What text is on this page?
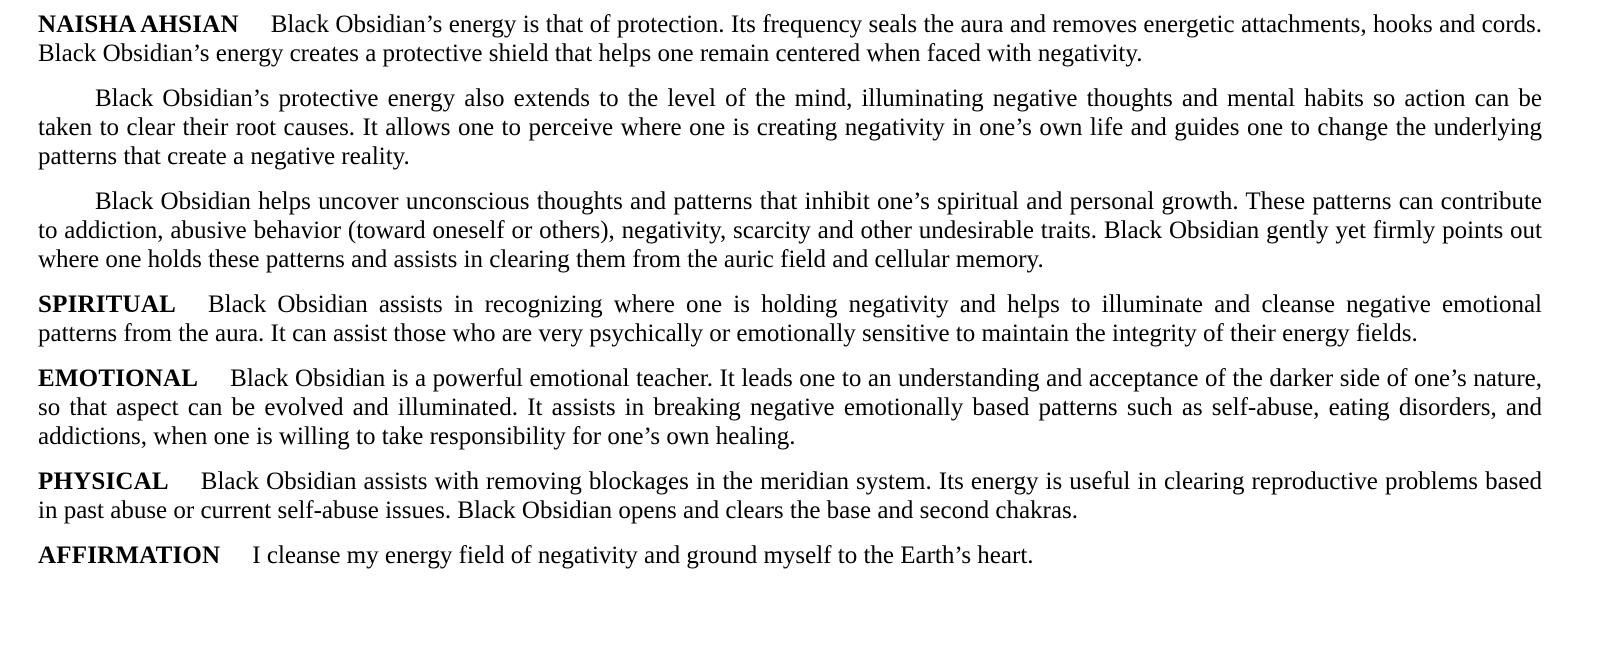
NAISHA AHSIAN Black Obsidian’s energy is that of protection. Its frequency seals the aura and removes energetic attachments, hooks and cords. Black Obsidian’s energy creates a protective shield that helps one remain centered when faced with negativity.

Black Obsidian’s protective energy also extends to the level of the mind, illuminating negative thoughts and mental habits so action can be taken to clear their root causes. It allows one to perceive where one is creating negativity in one’s own life and guides one to change the underlying patterns that create a negative reality.

Black Obsidian helps uncover unconscious thoughts and patterns that inhibit one’s spiritual and personal growth. These patterns can contribute to addiction, abusive behavior (toward oneself or others), negativity, scarcity and other undesirable traits. Black Obsidian gently yet firmly points out where one holds these patterns and assists in clearing them from the auric field and cellular memory.

SPIRITUAL Black Obsidian assists in recognizing where one is holding negativity and helps to illuminate and cleanse negative emotional patterns from the aura. It can assist those who are very psychically or emotionally sensitive to maintain the integrity of their energy fields.

EMOTIONAL Black Obsidian is a powerful emotional teacher. It leads one to an understanding and acceptance of the darker side of one’s nature, so that aspect can be evolved and illuminated. It assists in breaking negative emotionally based patterns such as self-abuse, eating disorders, and addictions, when one is willing to take responsibility for one’s own healing.

PHYSICAL Black Obsidian assists with removing blockages in the meridian system. Its energy is useful in clearing reproductive problems based in past abuse or current self-abuse issues. Black Obsidian opens and clears the base and second chakras.

AFFIRMATION I cleanse my energy field of negativity and ground myself to the Earth’s heart.
